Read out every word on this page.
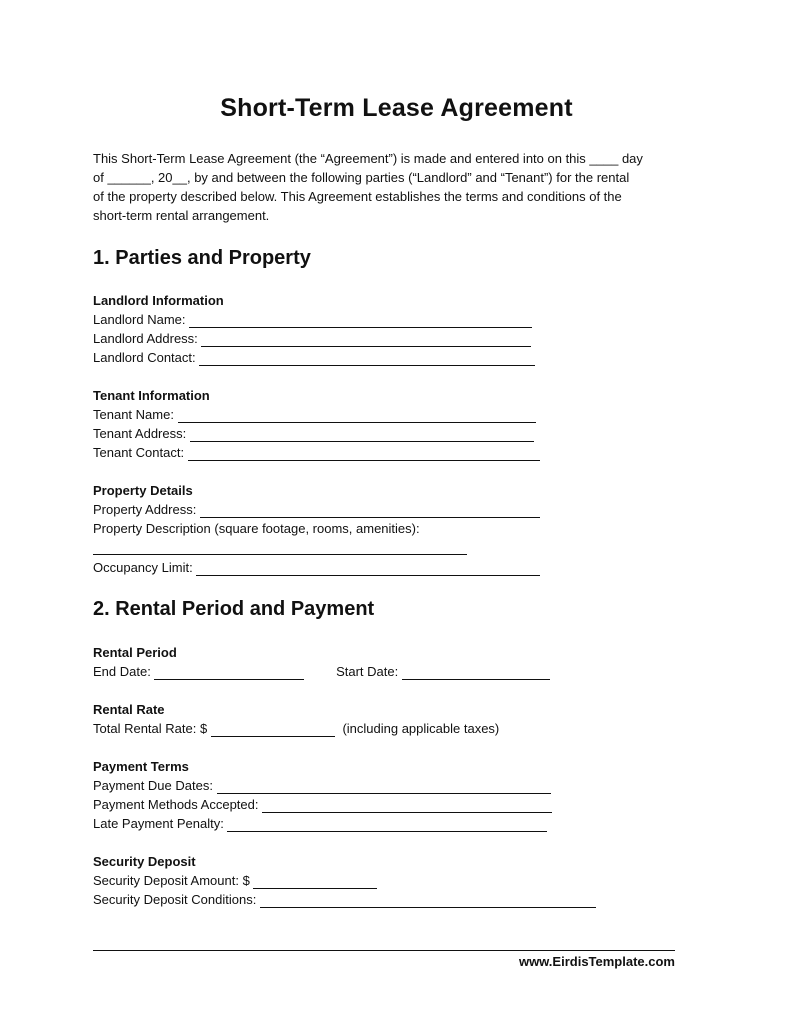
Short-Term Lease Agreement
This Short-Term Lease Agreement (the “Agreement”) is made and entered into on this ____ day
of ______, 20__, by and between the following parties (“Landlord” and “Tenant”) for the rental
of the property described below. This Agreement establishes the terms and conditions of the
short-term rental arrangement.
1. Parties and Property
Landlord Information
Landlord Name:
Landlord Address:
Landlord Contact:
Tenant Information
Tenant Name:
Tenant Address:
Tenant Contact:
Property Details
Property Address:
Property Description (square footage, rooms, amenities):
Occupancy Limit:
2. Rental Period and Payment
Rental Period
End Date:	Start Date:
Rental Rate
Total Rental Rate: $	(including applicable taxes)
Payment Terms
Payment Due Dates:
Payment Methods Accepted:
Late Payment Penalty:
Security Deposit
Security Deposit Amount: $
Security Deposit Conditions:
www.EirdisTemplate.com
